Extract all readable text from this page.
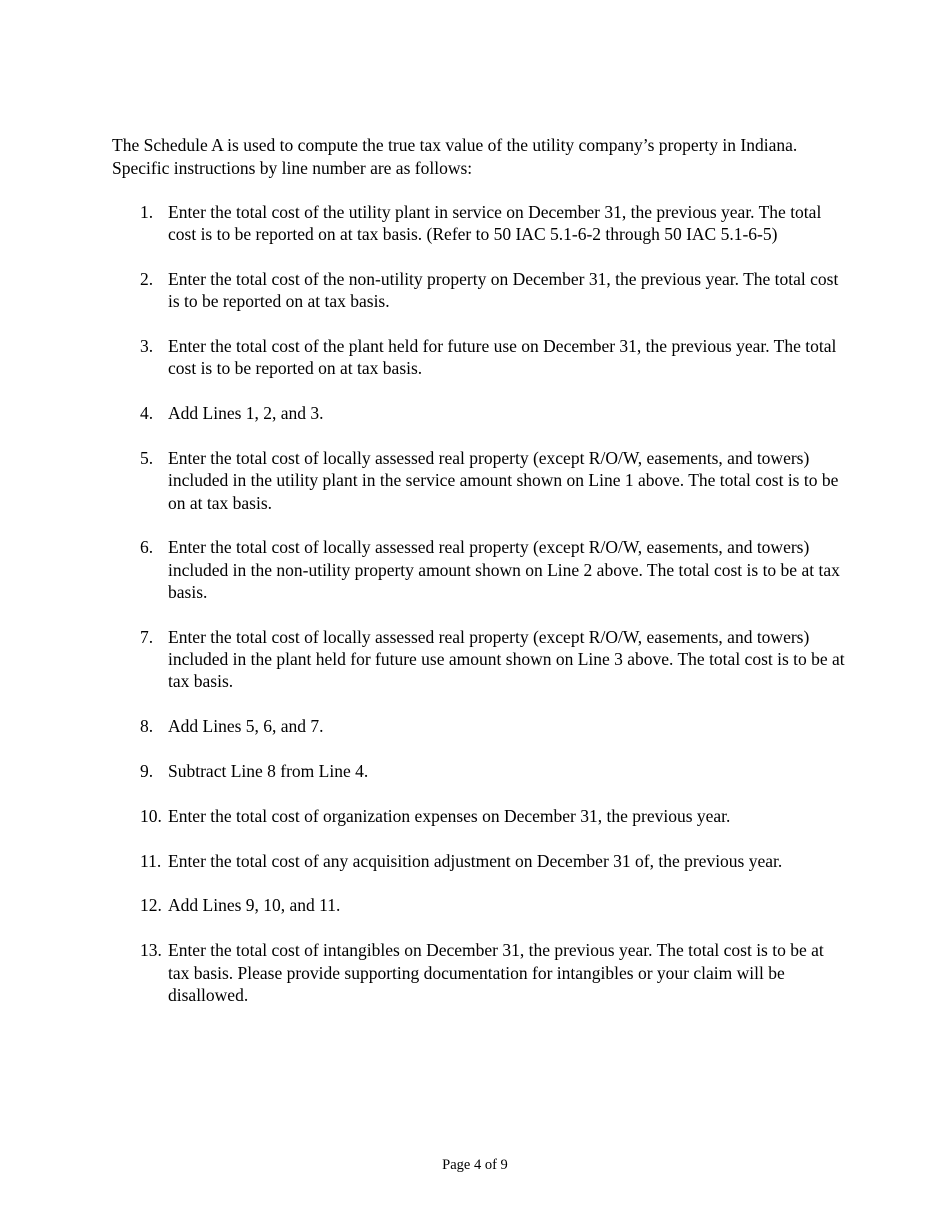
The Schedule A is used to compute the true tax value of the utility company’s property in Indiana. Specific instructions by line number are as follows:

1. Enter the total cost of the utility plant in service on December 31, the previous year. The total cost is to be reported on at tax basis. (Refer to 50 IAC 5.1-6-2 through 50 IAC 5.1-6-5)
2. Enter the total cost of the non-utility property on December 31, the previous year. The total cost is to be reported on at tax basis.
3. Enter the total cost of the plant held for future use on December 31, the previous year. The total cost is to be reported on at tax basis.
4. Add Lines 1, 2, and 3.
5. Enter the total cost of locally assessed real property (except R/O/W, easements, and towers) included in the utility plant in the service amount shown on Line 1 above. The total cost is to be on at tax basis.
6. Enter the total cost of locally assessed real property (except R/O/W, easements, and towers) included in the non-utility property amount shown on Line 2 above. The total cost is to be at tax basis.
7. Enter the total cost of locally assessed real property (except R/O/W, easements, and towers) included in the plant held for future use amount shown on Line 3 above. The total cost is to be at tax basis.
8. Add Lines 5, 6, and 7.
9. Subtract Line 8 from Line 4.
10. Enter the total cost of organization expenses on December 31, the previous year.
11. Enter the total cost of any acquisition adjustment on December 31 of, the previous year.
12. Add Lines 9, 10, and 11.
13. Enter the total cost of intangibles on December 31, the previous year. The total cost is to be at tax basis. Please provide supporting documentation for intangibles or your claim will be disallowed.
Page 4 of 9
